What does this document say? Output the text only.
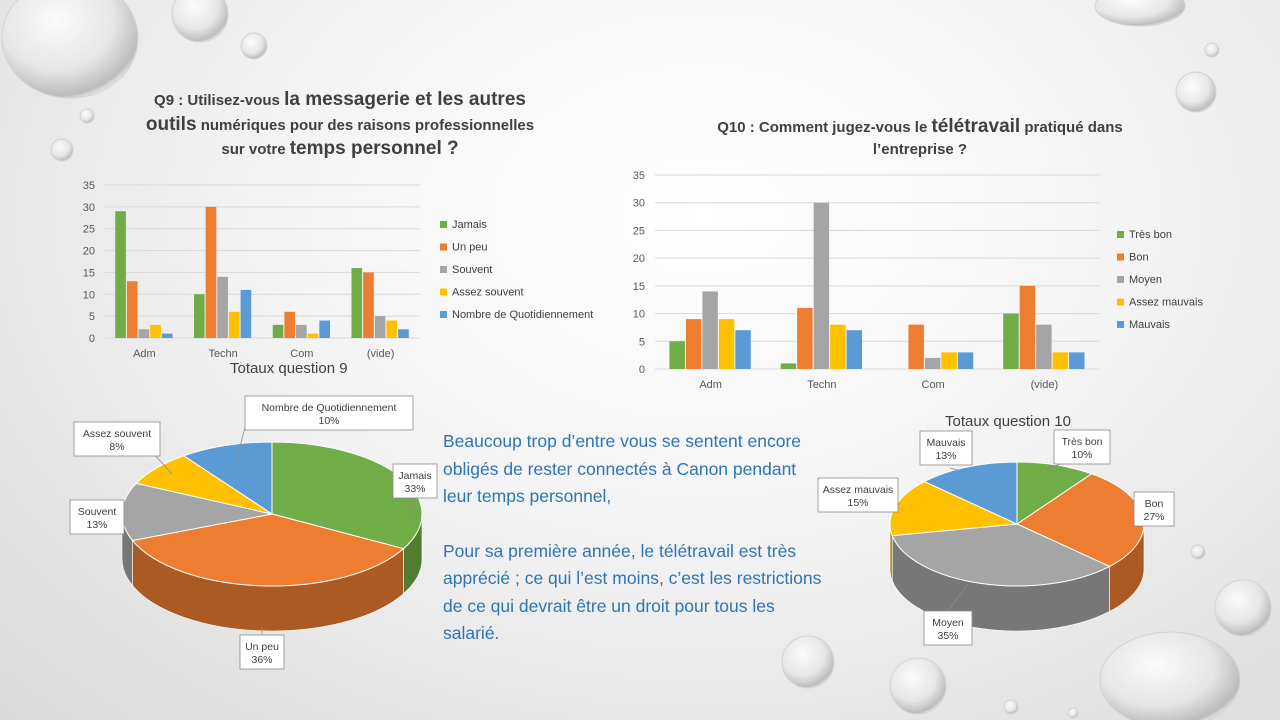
Q9 : Utilisez-vous la messagerie et les autres
outils numériques pour des raisons professionnelles
sur votre temps personnel ?
Q10 : Comment jugez-vous le télétravail pratiqué dans
l’entreprise ?
0
5
10
15
20
25
30
35
Adm	Techn	Com	(vide)
Jamais
Un peu
Souvent
Assez souvent
Nombre de Quotidiennement
0
5
10
15
20
25
30
35
Adm	Techn	Com	(vide)
Très bon
Bon
Moyen
Assez mauvais
Mauvais
Totaux question 9
Totaux question 10
Jamais
33%
Un peu
36%
Souvent
13%
Assez souvent
8%
Nombre de Quotidiennement
10%
Très bon
10%
Bon
27%
Moyen
35%
Assez mauvais
15%
Mauvais
13%

Beaucoup trop d’entre vous se sentent encore obligés de rester connectés à Canon pendant leur temps personnel,

Pour sa première année, le télétravail est très apprécié ; ce qui l’est moins, c’est les restrictions de ce qui devrait être un droit pour tous les salarié.
